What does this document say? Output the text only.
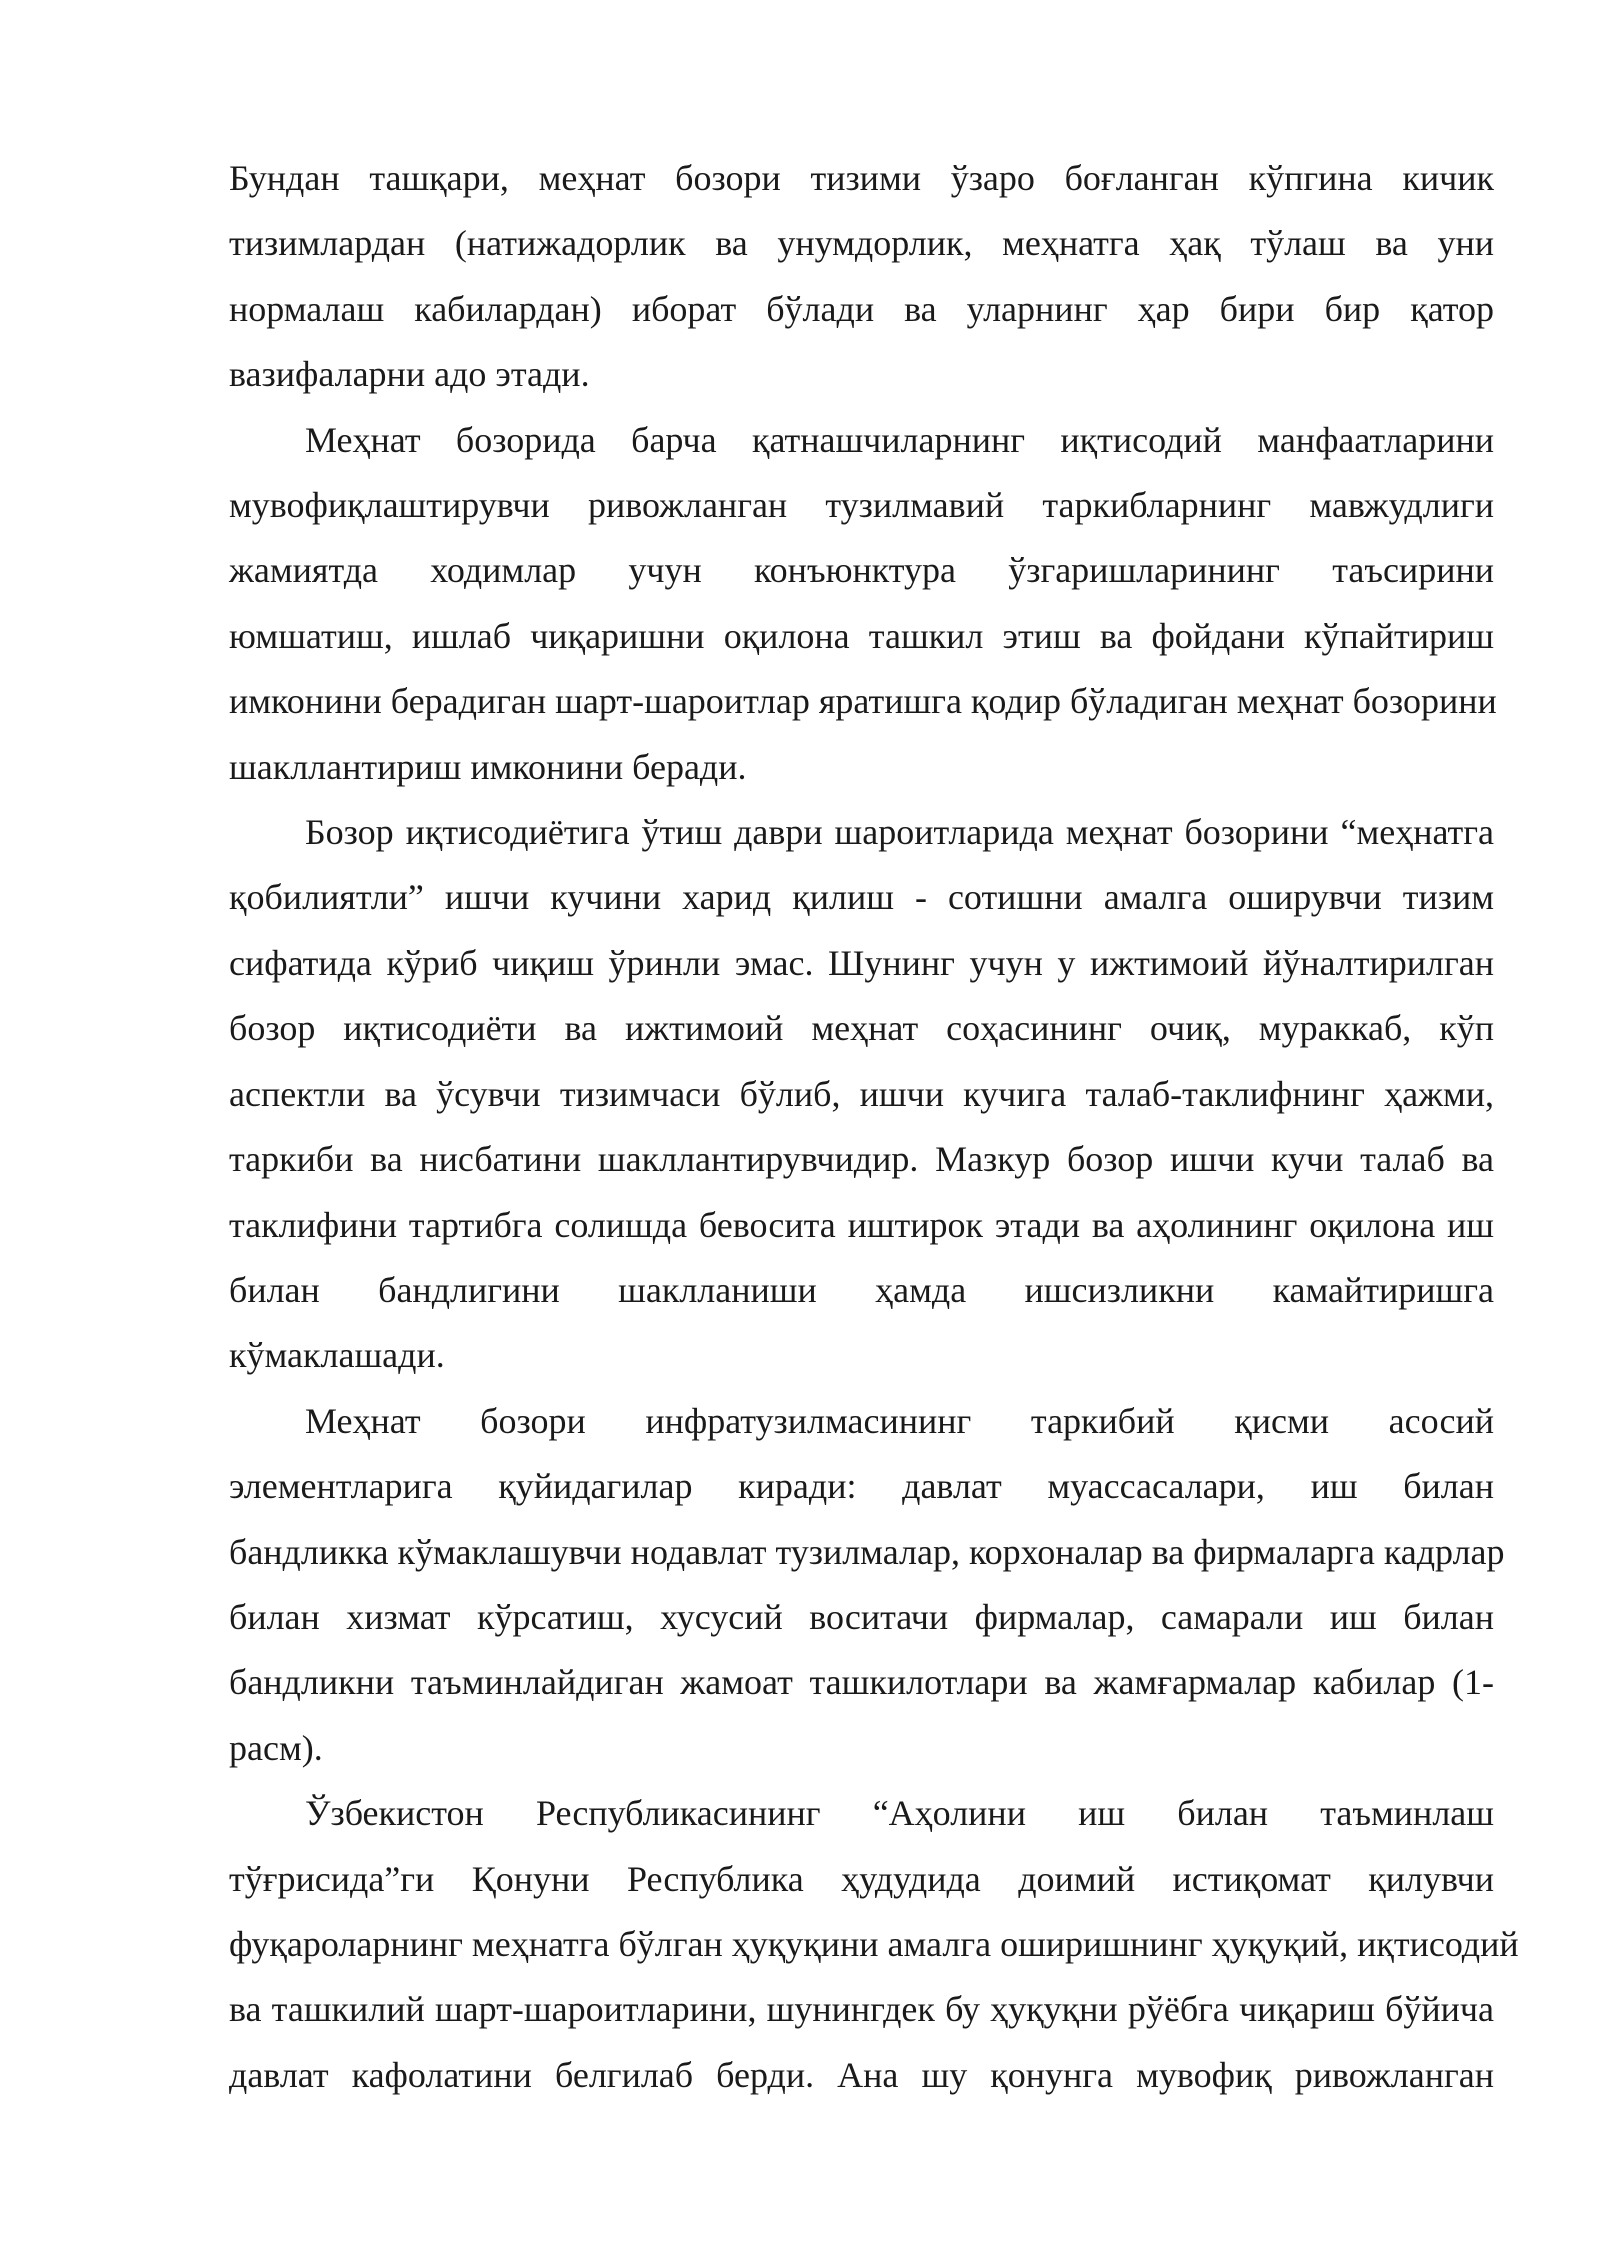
Бундан ташқари, меҳнат бозори тизими ўзаро боғланган кўпгина кичик
тизимлардан (натижадорлик ва унумдорлик, меҳнатга ҳақ тўлаш ва уни
нормалаш кабилардан) иборат бўлади ва уларнинг ҳар бири бир қатор
вазифаларни адо этади.
Меҳнат бозорида барча қатнашчиларнинг иқтисодий манфаатларини
мувофиқлаштирувчи ривожланган тузилмавий таркибларнинг мавжудлиги
жамиятда ходимлар учун конъюнктура ўзгаришларининг таъсирини
юмшатиш, ишлаб чиқаришни оқилона ташкил этиш ва фойдани кўпайтириш
имконини берадиган шарт-шароитлар яратишга қодир бўладиган меҳнат бозорини
шакллантириш имконини беради.
Бозор иқтисодиётига ўтиш даври шароитларида меҳнат бозорини “меҳнатга
қобилиятли” ишчи кучини харид қилиш - сотишни амалга оширувчи тизим
сифатида кўриб чиқиш ўринли эмас. Шунинг учун у ижтимоий йўналтирилган
бозор иқтисодиёти ва ижтимоий меҳнат соҳасининг очиқ, мураккаб, кўп
аспектли ва ўсувчи тизимчаси бўлиб, ишчи кучига талаб-таклифнинг ҳажми,
таркиби ва нисбатини шакллантирувчидир. Мазкур бозор ишчи кучи талаб ва
таклифини тартибга солишда бевосита иштирок этади ва аҳолининг оқилона иш
билан бандлигини шаклланиши ҳамда ишсизликни камайтиришга
кўмаклашади.
Меҳнат бозори инфратузилмасининг таркибий қисми асосий
элементларига қуйидагилар киради: давлат муассасалари, иш билан
бандликка кўмаклашувчи нодавлат тузилмалар, корхоналар ва фирмаларга кадрлар
билан хизмат кўрсатиш, хусусий воситачи фирмалар, самарали иш билан
бандликни таъминлайдиган жамоат ташкилотлари ва жамғармалар кабилар (1-
расм).
Ўзбекистон Республикасининг “Аҳолини иш билан таъминлаш
тўғрисида”ги Қонуни Республика ҳудудида доимий истиқомат қилувчи
фуқароларнинг меҳнатга бўлган ҳуқуқини амалга оширишнинг ҳуқуқий, иқтисодий
ва ташкилий шарт-шароитларини, шунингдек бу ҳуқуқни рўёбга чиқариш бўйича
давлат кафолатини белгилаб берди. Ана шу қонунга мувофиқ ривожланган
